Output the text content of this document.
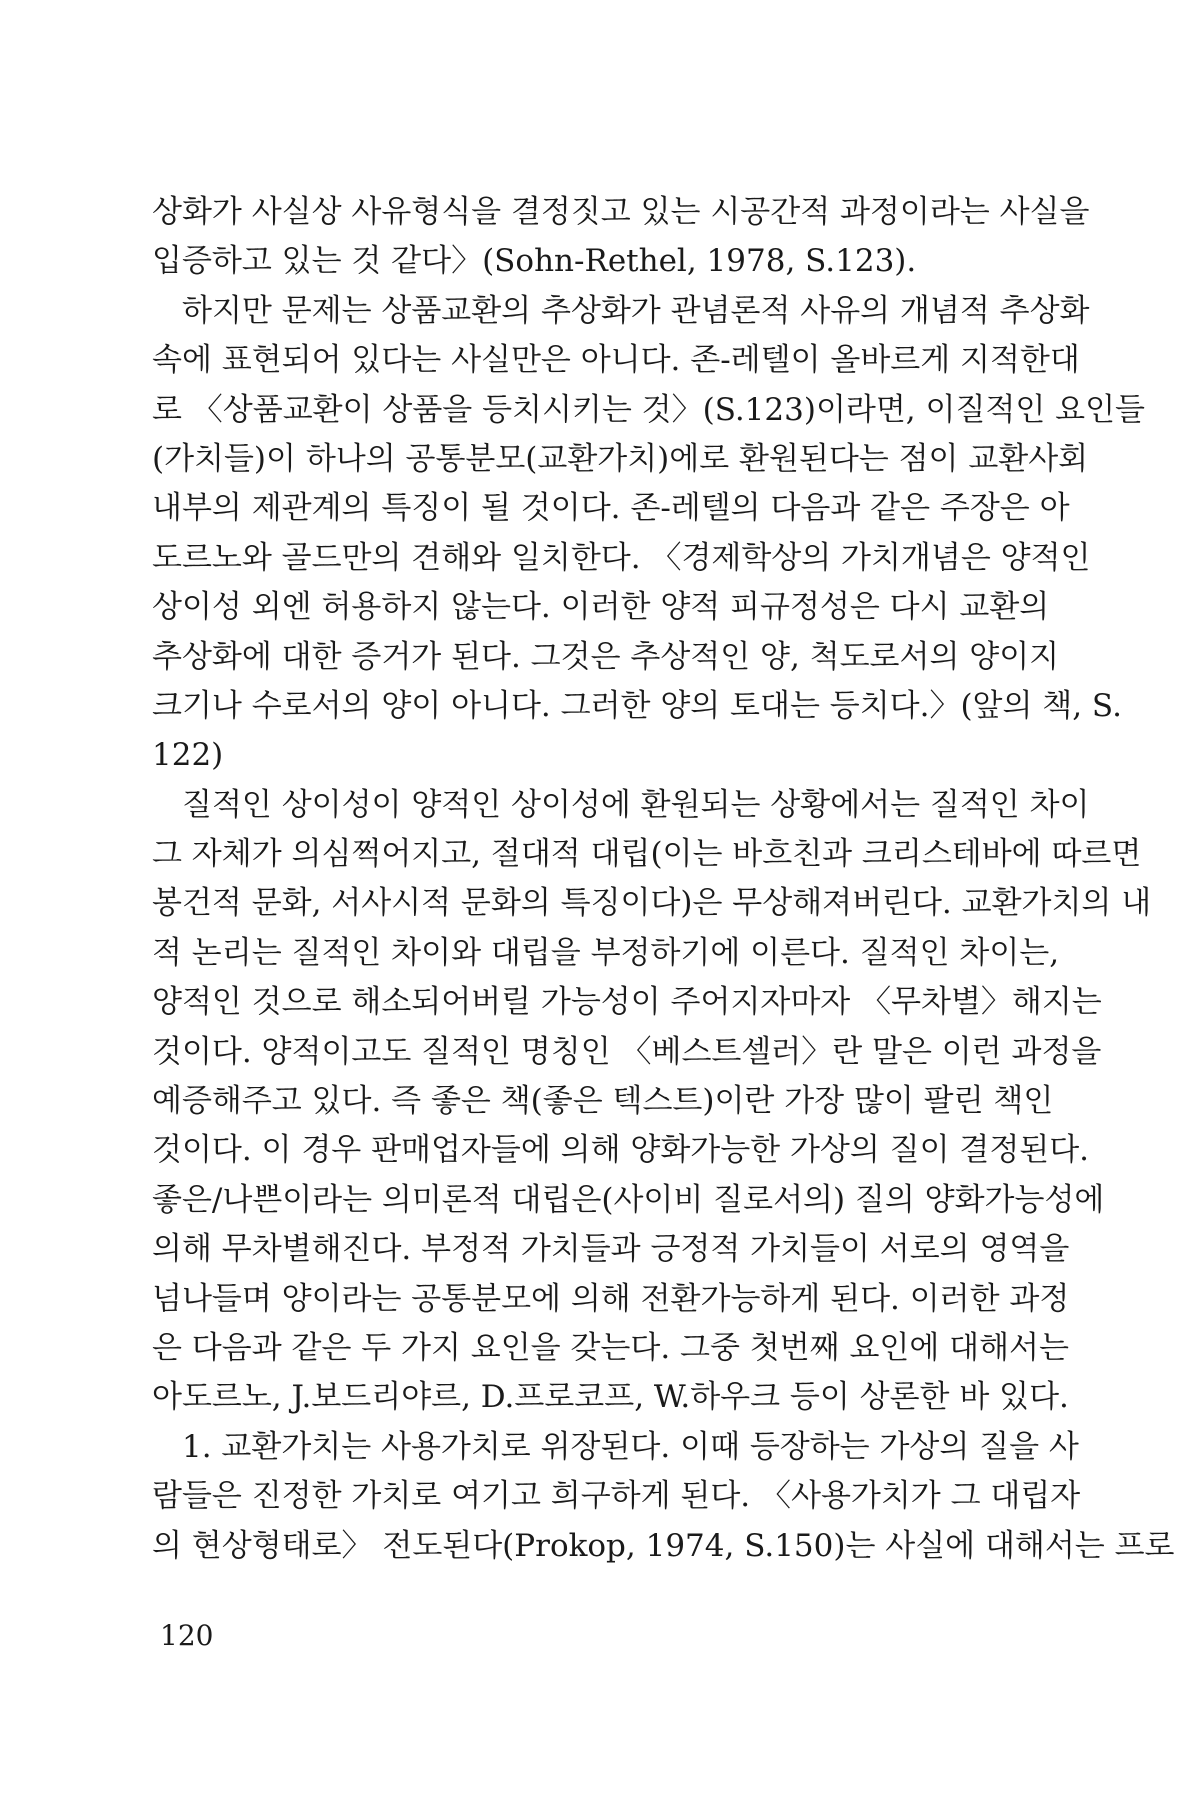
상화가 사실상 사유형식을 결정짓고 있는 시공간적 과정이라는 사실을
입증하고 있는 것 같다〉(Sohn-Rethel, 1978, S.123).
하지만 문제는 상품교환의 추상화가 관념론적 사유의 개념적 추상화
속에 표현되어 있다는 사실만은 아니다. 존-레텔이 올바르게 지적한대
로 〈상품교환이 상품을 등치시키는 것〉(S.123)이라면, 이질적인 요인들
(가치들)이 하나의 공통분모(교환가치)에로 환원된다는 점이 교환사회
내부의 제관계의 특징이 될 것이다. 존-레텔의 다음과 같은 주장은 아
도르노와 골드만의 견해와 일치한다. 〈경제학상의 가치개념은 양적인
상이성 외엔 허용하지 않는다. 이러한 양적 피규정성은 다시 교환의
추상화에 대한 증거가 된다. 그것은 추상적인 양, 척도로서의 양이지
크기나 수로서의 양이 아니다. 그러한 양의 토대는 등치다.〉(앞의 책, S.
122)
질적인 상이성이 양적인 상이성에 환원되는 상황에서는 질적인 차이
그 자체가 의심쩍어지고, 절대적 대립(이는 바흐친과 크리스테바에 따르면
봉건적 문화, 서사시적 문화의 특징이다)은 무상해져버린다. 교환가치의 내
적 논리는 질적인 차이와 대립을 부정하기에 이른다. 질적인 차이는,
양적인 것으로 해소되어버릴 가능성이 주어지자마자 〈무차별〉해지는
것이다. 양적이고도 질적인 명칭인 〈베스트셀러〉란 말은 이런 과정을
예증해주고 있다. 즉 좋은 책(좋은 텍스트)이란 가장 많이 팔린 책인
것이다. 이 경우 판매업자들에 의해 양화가능한 가상의 질이 결정된다.
좋은/나쁜이라는 의미론적 대립은(사이비 질로서의) 질의 양화가능성에
의해 무차별해진다. 부정적 가치들과 긍정적 가치들이 서로의 영역을
넘나들며 양이라는 공통분모에 의해 전환가능하게 된다. 이러한 과정
은 다음과 같은 두 가지 요인을 갖는다. 그중 첫번째 요인에 대해서는
아도르노, J.보드리야르, D.프로코프, W.하우크 등이 상론한 바 있다.
1. 교환가치는 사용가치로 위장된다. 이때 등장하는 가상의 질을 사
람들은 진정한 가치로 여기고 희구하게 된다. 〈사용가치가 그 대립자
의 현상형태로〉 전도된다(Prokop, 1974, S.150)는 사실에 대해서는 프로
120
